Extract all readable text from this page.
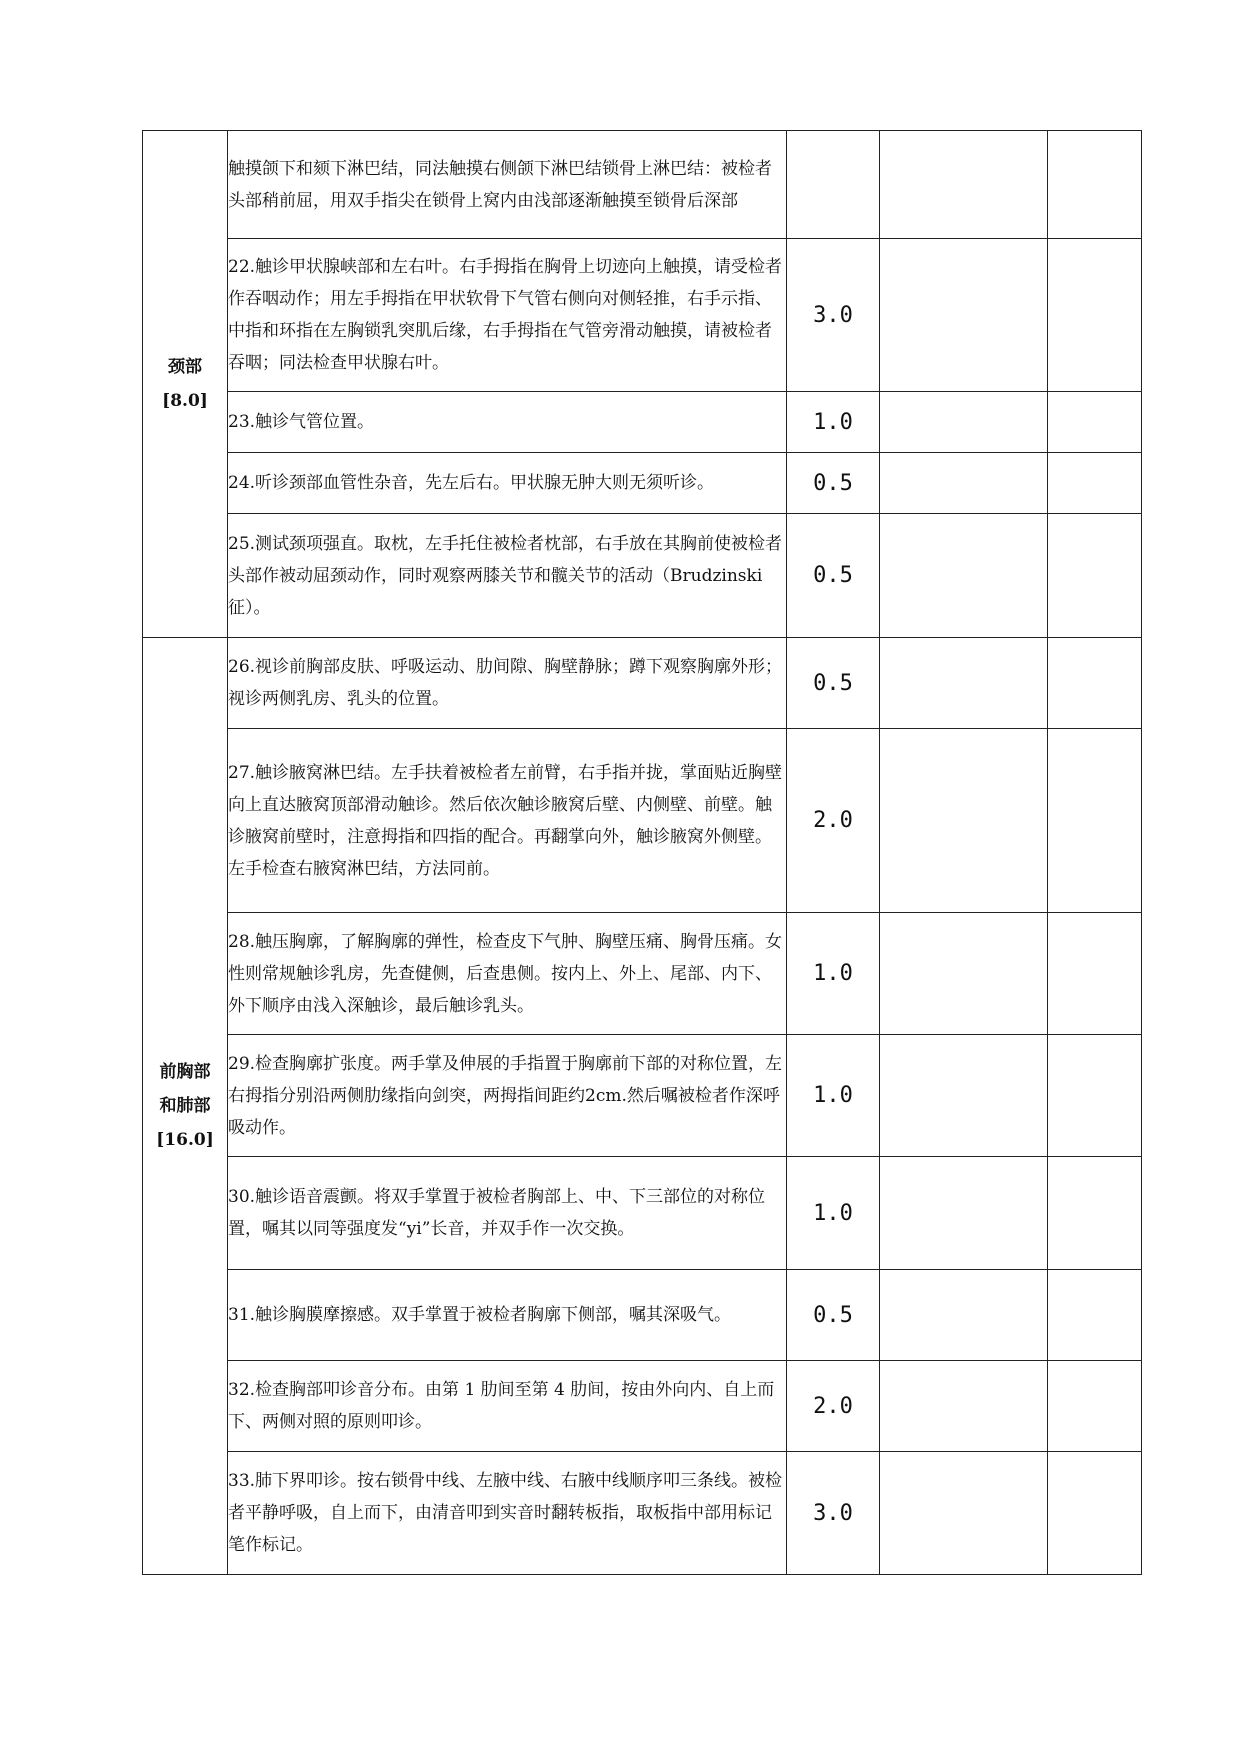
颈部
[8.0]	触摸颌下和颏下淋巴结，同法触摸右侧颌下淋巴结锁骨上淋巴结：被检者头部稍前屈，用双手指尖在锁骨上窝内由浅部逐渐触摸至锁骨后深部			
	22.触诊甲状腺峡部和左右叶。右手拇指在胸骨上切迹向上触摸，请受检者作吞咽动作；用左手拇指在甲状软骨下气管右侧向对侧轻推，右手示指、中指和环指在左胸锁乳突肌后缘，右手拇指在气管旁滑动触摸，请被检者吞咽；同法检查甲状腺右叶。	3.0		
	23.触诊气管位置。	1.0		
	24.听诊颈部血管性杂音，先左后右。甲状腺无肿大则无须听诊。	0.5		
	25.测试颈项强直。取枕，左手托住被检者枕部，右手放在其胸前使被检者头部作被动屈颈动作，同时观察两膝关节和髋关节的活动（Brudzinski 征）。	0.5		

前胸部
和肺部
[16.0]	26.视诊前胸部皮肤、呼吸运动、肋间隙、胸壁静脉；蹲下观察胸廓外形；视诊两侧乳房、乳头的位置。	0.5		
	27.触诊腋窝淋巴结。左手扶着被检者左前臂，右手指并拢，掌面贴近胸壁向上直达腋窝顶部滑动触诊。然后依次触诊腋窝后壁、内侧壁、前壁。触诊腋窝前壁时，注意拇指和四指的配合。再翻掌向外，触诊腋窝外侧壁。左手检查右腋窝淋巴结，方法同前。	2.0		
	28.触压胸廓，了解胸廓的弹性，检查皮下气肿、胸壁压痛、胸骨压痛。女性则常规触诊乳房，先查健侧，后查患侧。按内上、外上、尾部、内下、外下顺序由浅入深触诊，最后触诊乳头。	1.0		
	29.检查胸廓扩张度。两手掌及伸展的手指置于胸廓前下部的对称位置，左右拇指分别沿两侧肋缘指向剑突，两拇指间距约2cm.然后嘱被检者作深呼吸动作。	1.0		
	30.触诊语音震颤。将双手掌置于被检者胸部上、中、下三部位的对称位置，嘱其以同等强度发“yi”长音，并双手作一次交换。	1.0		
	31.触诊胸膜摩擦感。双手掌置于被检者胸廓下侧部，嘱其深吸气。	0.5		
	32.检查胸部叩诊音分布。由第 1 肋间至第 4 肋间，按由外向内、自上而下、两侧对照的原则叩诊。	2.0		
	33.肺下界叩诊。按右锁骨中线、左腋中线、右腋中线顺序叩三条线。被检者平静呼吸，自上而下，由清音叩到实音时翻转板指，取板指中部用标记笔作标记。	3.0		
